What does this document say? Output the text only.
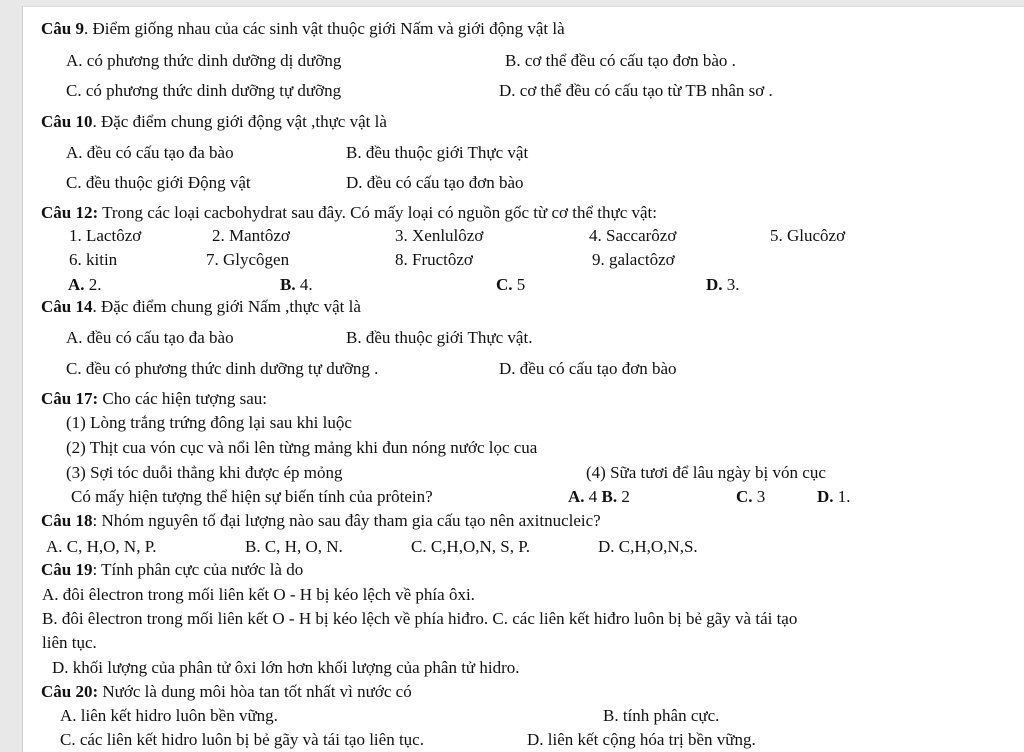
Câu 9. Điểm giống nhau của các sinh vật thuộc giới Nấm và giới động vật là
A. có phương thức dinh dưỡng dị dưỡng	B. cơ thể đều có cấu tạo đơn bào .
C. có phương thức dinh dưỡng tự dưỡng	D. cơ thể đều có cấu tạo từ TB nhân sơ .
Câu 10. Đặc điểm chung giới động vật ,thực vật là
A. đều có cấu tạo đa bào	B. đều thuộc giới Thực vật
C. đều thuộc giới Động vật	D. đều có cấu tạo đơn bào
Câu 12: Trong các loại cacbohydrat sau đây. Có mấy loại có nguồn gốc từ cơ thể thực vật:
1. Lactôzơ	2. Mantôzơ	3. Xenlulôzơ	4. Saccarôzơ	5. Glucôzơ
6. kitin	7. Glycôgen	8. Fructôzơ	9. galactôzơ
A. 2.	B. 4.	C. 5	D. 3.
Câu 14. Đặc điểm chung giới Nấm ,thực vật là
A. đều có cấu tạo đa bào	B. đều thuộc giới Thực vật.
C. đều có phương thức dinh dưỡng tự dưỡng .	D. đều có cấu tạo đơn bào
Câu 17: Cho các hiện tượng sau:
(1) Lòng trắng trứng đông lại sau khi luộc
(2) Thịt cua vón cục và nổi lên từng mảng khi đun nóng nước lọc cua
(3) Sợi tóc duỗi thẳng khi được ép mỏng	(4) Sữa tươi để lâu ngày bị vón cục
Có mấy hiện tượng thể hiện sự biến tính của prôtein?	A. 4 B. 2	C. 3	D. 1.
Câu 18: Nhóm nguyên tố đại lượng nào sau đây tham gia cấu tạo nên axitnucleic?
A. C, H,O, N, P.	B. C, H, O, N.	C. C,H,O,N, S, P.	D. C,H,O,N,S.
Câu 19: Tính phân cực của nước là do
A. đôi êlectron trong mối liên kết O - H bị kéo lệch về phía ôxi.
B. đôi êlectron trong mối liên kết O - H bị kéo lệch về phía hiđro. C. các liên kết hiđro luôn bị bẻ gãy và tái tạo
liên tục.
D. khối lượng của phân tử ôxi lớn hơn khối lượng của phân tử hidro.
Câu 20: Nước là dung môi hòa tan tốt nhất vì nước có
A. liên kết hidro luôn bền vững.	B. tính phân cực.
C. các liên kết hidro luôn bị bẻ gãy và tái tạo liên tục.	D. liên kết cộng hóa trị bền vững.
